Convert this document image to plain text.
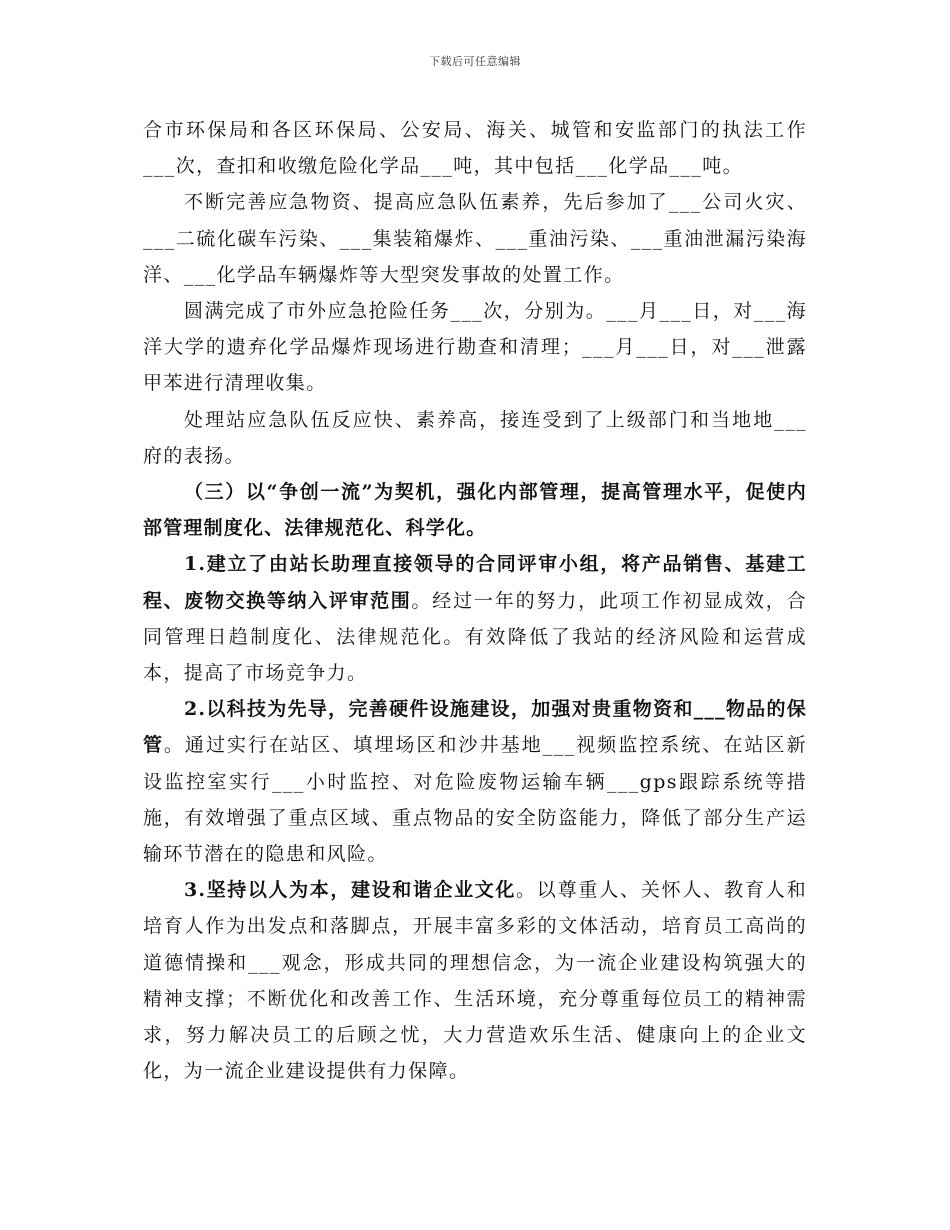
下载后可任意编辑

合市环保局和各区环保局、公安局、海关、城管和安监部门的执法工作___次，查扣和收缴危险化学品___吨，其中包括___化学品___吨。

不断完善应急物资、提高应急队伍素养，先后参加了___公司火灾、___二硫化碳车污染、___集装箱爆炸、___重油污染、___重油泄漏污染海洋、___化学品车辆爆炸等大型突发事故的处置工作。

圆满完成了市外应急抢险任务___次，分别为。___月___日，对___海洋大学的遗弃化学品爆炸现场进行勘查和清理；___月___日，对___泄露甲苯进行清理收集。

处理站应急队伍反应快、素养高，接连受到了上级部门和当地地___府的表扬。

（三）以“争创一流”为契机，强化内部管理，提高管理水平，促使内部管理制度化、法律规范化、科学化。

1.建立了由站长助理直接领导的合同评审小组，将产品销售、基建工程、废物交换等纳入评审范围。经过一年的努力，此项工作初显成效，合同管理日趋制度化、法律规范化。有效降低了我站的经济风险和运营成本，提高了市场竞争力。

2.以科技为先导，完善硬件设施建设，加强对贵重物资和___物品的保管。通过实行在站区、填埋场区和沙井基地___视频监控系统、在站区新设监控室实行___小时监控、对危险废物运输车辆___gps跟踪系统等措施，有效增强了重点区域、重点物品的安全防盗能力，降低了部分生产运输环节潜在的隐患和风险。

3.坚持以人为本，建设和谐企业文化。以尊重人、关怀人、教育人和培育人作为出发点和落脚点，开展丰富多彩的文体活动，培育员工高尚的道德情操和___观念，形成共同的理想信念，为一流企业建设构筑强大的精神支撑；不断优化和改善工作、生活环境，充分尊重每位员工的精神需求，努力解决员工的后顾之忧，大力营造欢乐生活、健康向上的企业文化，为一流企业建设提供有力保障。
